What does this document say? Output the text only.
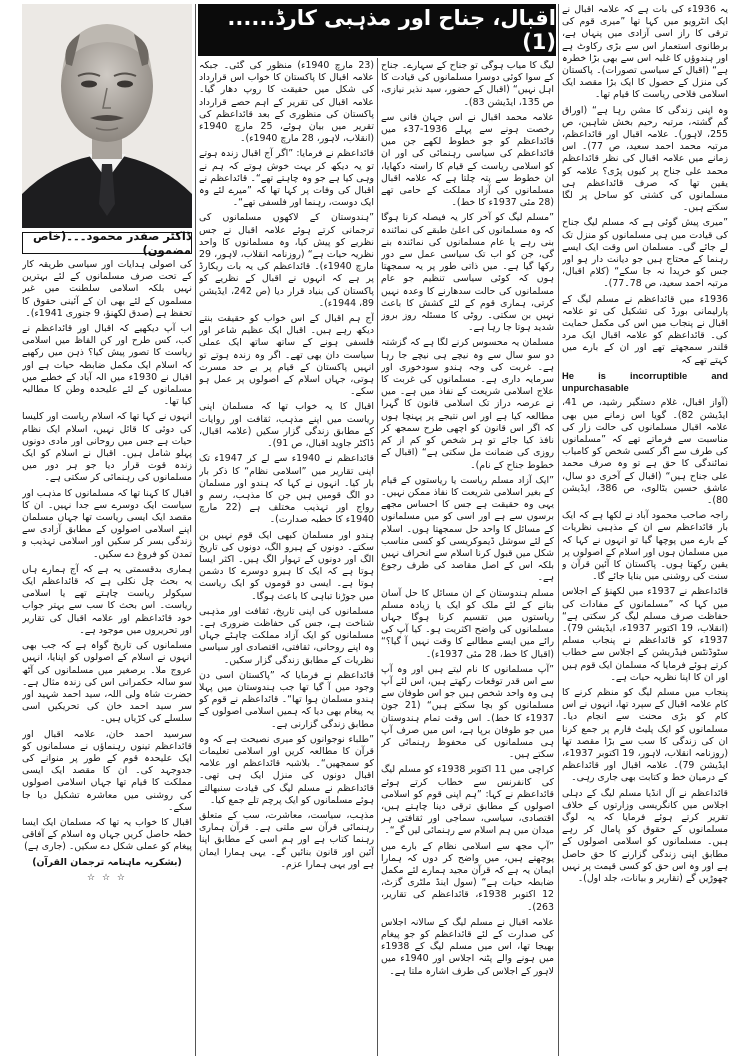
اقبال، جناح اور مذہبی کارڈ......(1)
ڈاکٹر صفدر محمود۔۔۔(خاص مضمون)

یہ 1936ء کی بات ہے کہ علامہ اقبال نے ایک انٹرویو میں کہا تھا ”میری قوم کی ترقی کا راز اسی آزادی میں پنہاں ہے، برطانوی استعمار اس سے بڑی رکاوٹ ہے اور ہندوؤں کا غلبہ اس سے بھی بڑا خطرہ ہے“ (اقبال کے سیاسی تصورات)۔ پاکستان کی منزل کے حصول کا ایک بڑا مقصد ایک اسلامی فلاحی ریاست کا قیام تھا۔

وہ اپنی زندگی کا مشن رہا ہے“ (اوراق گم گشتہ، مرتبہ رحیم بخش شاہین، ص 255، لاہور)۔ علامہ اقبال اور قائداعظم، مرتبہ محمد احمد سعید، ص 77)۔ اس زمانے میں علامہ اقبال کی نظر قائداعظم محمد علی جناح پر کیوں پڑی؟ علامہ کو یقین تھا کہ صرف قائداعظم ہی مسلمانوں کی کشتی کو ساحل پر لگا سکتے ہیں۔

”میری پیش گوئی ہے کہ مسلم لیگ جناح کی قیادت میں ہی مسلمانوں کو منزل تک لے جائے گی۔ مسلمان اس وقت ایک ایسے رہنما کے محتاج ہیں جو دیانت دار ہو اور جس کو خریدا نہ جا سکے“ (کلام اقبال، مرتبہ احمد سعید، ص 78۔77)۔

1936ء میں قائداعظم نے مسلم لیگ کے پارلیمانی بورڈ کی تشکیل کی تو علامہ اقبال نے پنجاب میں اس کی مکمل حمایت کی۔ قائداعظم کو علامہ اقبال ایک مرد قلندر سمجھتے تھے اور ان کے بارے میں کہتے تھے کہ

He is incorruptible and unpurchasable

(آواز اقبال، غلام دستگیر رشید، ص 41، ایڈیشن 82)۔ گویا اس زمانے میں بھی علامہ اقبال مسلمانوں کی حالت زار کی مناسبت سے فرماتے تھے کہ ”مسلمانوں کی طرف سے اگر کسی شخص کو کامیاب نمائندگی کا حق ہے تو وہ صرف محمد علی جناح ہیں“ (اقبال کے آخری دو سال، عاشق حسین بٹالوی، ص 386، ایڈیشن 80)۔

راجہ صاحب محمود آباد نے لکھا ہے کہ ایک بار قائداعظم سے ان کے مذہبی نظریات کے بارے میں پوچھا گیا تو انہوں نے کہا کہ میں مسلمان ہوں اور اسلام کے اصولوں پر یقین رکھتا ہوں۔ پاکستان کا آئین قرآن و سنت کی روشنی میں بنایا جائے گا۔

قائداعظم نے 1937ء میں لکھنؤ کے اجلاس میں کہا کہ ”مسلمانوں کے مفادات کی حفاظت صرف مسلم لیگ کر سکتی ہے“ (انقلاب، 19 اکتوبر 1937ء، ایڈیشن 79)۔ 1937ء کو قائداعظم نے پنجاب مسلم سٹوڈنٹس فیڈریشن کے اجلاس سے خطاب کرتے ہوئے فرمایا کہ مسلمان ایک قوم ہیں اور ان کا اپنا نظریہ حیات ہے۔

پنجاب میں مسلم لیگ کو منظم کرنے کا کام علامہ اقبال کے سپرد تھا، انہوں نے اس کام کو بڑی محنت سے انجام دیا۔ مسلمانوں کو ایک پلیٹ فارم پر جمع کرنا ان کی زندگی کا سب سے بڑا مقصد تھا (روزنامہ انقلاب، لاہور، 19 اکتوبر 1937ء، ایڈیشن 79)۔ علامہ اقبال اور قائداعظم کے درمیان خط و کتابت بھی جاری رہی۔

قائداعظم نے آل انڈیا مسلم لیگ کے دہلی اجلاس میں کانگریسی وزارتوں کے خلاف تقریر کرتے ہوئے فرمایا کہ یہ لوگ مسلمانوں کے حقوق کو پامال کر رہے ہیں۔ مسلمانوں کو اسلامی اصولوں کے مطابق اپنی زندگی گزارنے کا حق حاصل ہے اور وہ اس حق کو کسی قیمت پر نہیں چھوڑیں گے (تقاریر و بیانات، جلد اول)۔

لیگ کا میاب ہوگی تو جناح کے سہارے۔ جناح کے سوا کوئی دوسرا مسلمانوں کی قیادت کا اہل نہیں“ (اقبال کے حضور، سید نذیر نیازی، ص 135، ایڈیشن 83)۔

علامہ محمد اقبال نے اس جہان فانی سے رخصت ہونے سے پہلے 1936-37ء میں قائداعظم کو جو خطوط لکھے جن میں قائداعظم کی سیاسی رہنمائی کی اور ان کو اسلامی ریاست کے قیام کا راستہ دکھایا، ان خطوط سے پتہ چلتا ہے کہ علامہ اقبال مسلمانوں کی آزاد مملکت کے حامی تھے (28 مئی 1937ء کا خط)۔

”مسلم لیگ کو آخر کار یہ فیصلہ کرنا ہوگا کہ وہ مسلمانوں کی اعلیٰ طبقے کی نمائندہ بنی رہے یا عام مسلمانوں کی نمائندہ بنے گی، جن کو اب تک سیاسی عمل سے دور رکھا گیا ہے۔ میں ذاتی طور پر یہ سمجھتا ہوں کہ کوئی سیاسی تنظیم جو عام مسلمانوں کی حالت سدھارنے کا وعدہ نہیں کرتی، ہماری قوم کے لئے کشش کا باعث نہیں بن سکتی۔ روٹی کا مسئلہ روز بروز شدید ہوتا جا رہا ہے۔

مسلمان یہ محسوس کرنے لگا ہے کہ گزشتہ دو سو سال سے وہ نیچے ہی نیچے جا رہا ہے۔ غربت کی وجہ ہندو سودخوری اور سرمایہ داری ہے۔ مسلمانوں کی غربت کا علاج اسلامی شریعت کے نفاذ میں ہے۔ میں نے عرصہ دراز تک اسلامی قانون کا گہرا مطالعہ کیا ہے اور اس نتیجے پر پہنچا ہوں کہ اگر اس قانون کو اچھی طرح سمجھ کر نافذ کیا جائے تو ہر شخص کو کم از کم روزی کی ضمانت مل سکتی ہے“ (اقبال کے خطوط جناح کے نام)۔

”ایک آزاد مسلم ریاست یا ریاستوں کے قیام کے بغیر اسلامی شریعت کا نفاذ ممکن نہیں۔ یہی وہ حقیقت ہے جس کا احساس مجھے برسوں سے ہے اور اسی کو میں مسلمانوں کے مسائل کا واحد حل سمجھتا ہوں۔ اسلام کے لئے سوشل ڈیموکریسی کو کسی مناسب شکل میں قبول کرنا اسلام سے انحراف نہیں بلکہ اس کے اصل مقاصد کی طرف رجوع ہے۔

مسلم ہندوستان کے ان مسائل کا حل آسان بنانے کے لئے ملک کو ایک یا زیادہ مسلم ریاستوں میں تقسیم کرنا ہوگا جہاں مسلمانوں کی واضح اکثریت ہو۔ کیا آپ کی رائے میں ایسے مطالبے کا وقت نہیں آ گیا؟“ (اقبال کا خط، 28 مئی 1937ء)۔

”آپ مسلمانوں کا نام لیتے ہیں اور وہ آپ سے اس قدر توقعات رکھتے ہیں، اس لئے آپ ہی وہ واحد شخص ہیں جو اس طوفان سے مسلمانوں کو بچا سکتے ہیں“ (21 جون 1937ء کا خط)۔ اس وقت تمام ہندوستان میں جو طوفان برپا ہے، اس میں صرف آپ ہی مسلمانوں کی محفوظ رہنمائی کر سکتے ہیں۔

کراچی میں 11 اکتوبر 1938ء کو مسلم لیگ کی کانفرنس سے خطاب کرتے ہوئے قائداعظم نے کہا: ”ہم اپنی قوم کو اسلامی اصولوں کے مطابق ترقی دینا چاہتے ہیں، اقتصادی، سیاسی، سماجی اور ثقافتی ہر میدان میں ہم اسلام سے رہنمائی لیں گے“۔

”آپ مجھ سے اسلامی نظام کے بارے میں پوچھتے ہیں، میں واضح کر دوں کہ ہمارا ایمان یہ ہے کہ قرآن مجید ہمارے لئے مکمل ضابطہ حیات ہے“ (سول اینڈ ملٹری گزٹ، 12 اکتوبر 1938ء، قائداعظم کی تقاریر، 263)۔

علامہ اقبال نے مسلم لیگ کے سالانہ اجلاس کی صدارت کے لئے قائداعظم کو جو پیغام بھیجا تھا، اس میں مسلم لیگ کے 1938ء میں ہونے والے پٹنہ اجلاس اور 1940ء میں لاہور کے اجلاس کی طرف اشارہ ملتا ہے۔

(23 مارچ 1940ء) منظور کی گئی۔ جبکہ علامہ اقبال کا پاکستان کا خواب اس قرارداد کی شکل میں حقیقت کا روپ دھار گیا۔ علامہ اقبال کی تقریر کے اہم حصے قرارداد پاکستان کی منظوری کے بعد قائداعظم کی تقریر میں بیان ہوئے، 25 مارچ 1940ء (انقلاب، لاہور، 28 مارچ 1940ء)۔

قائداعظم نے فرمایا: ”اگر آج اقبال زندہ ہوتے تو یہ دیکھ کر بہت خوش ہوتے کہ ہم نے وہی کیا ہے جو وہ چاہتے تھے“۔ قائداعظم نے اقبال کی وفات پر کہا تھا کہ ”میرے لئے وہ ایک دوست، رہنما اور فلسفی تھے“۔

”ہندوستان کے لاکھوں مسلمانوں کی ترجمانی کرتے ہوئے علامہ اقبال نے جس نظریے کو پیش کیا، وہ مسلمانوں کا واحد نظریہ حیات ہے“ (روزنامہ انقلاب، لاہور، 29 مارچ 1940ء)۔ قائداعظم کی یہ بات ریکارڈ پر ہے کہ انہوں نے اقبال کے نظریے کو پاکستان کی بنیاد قرار دیا (ص 242، ایڈیشن 89، 1944ء)۔

آج ہم اقبال کے اس خواب کو حقیقت بنتے دیکھ رہے ہیں۔ اقبال ایک عظیم شاعر اور فلسفی ہونے کے ساتھ ساتھ ایک عملی سیاست دان بھی تھے۔ اگر وہ زندہ ہوتے تو انہیں پاکستان کے قیام پر بے حد مسرت ہوتی، جہاں اسلام کے اصولوں پر عمل ہو سکے۔

اقبال کا یہ خواب تھا کہ مسلمان اپنی ریاست میں اپنے مذہب، ثقافت اور روایات کے مطابق زندگی گزار سکیں (علامہ اقبال، ڈاکٹر جاوید اقبال، ص 91)۔

قائداعظم نے 1940ء سے لے کر 1947ء تک اپنی تقاریر میں ”اسلامی نظام“ کا ذکر بار بار کیا۔ انہوں نے کہا کہ ہندو اور مسلمان دو الگ قومیں ہیں جن کا مذہب، رسم و رواج اور تہذیب مختلف ہے (22 مارچ 1940ء کا خطبہ صدارت)۔

ہندو اور مسلمان کبھی ایک قوم نہیں بن سکتے۔ دونوں کے ہیرو الگ، دونوں کی تاریخ الگ اور دونوں کے تہوار الگ ہیں۔ اکثر ایسا ہوتا ہے کہ ایک کا ہیرو دوسرے کا دشمن ہوتا ہے۔ ایسی دو قوموں کو ایک ریاست میں جوڑنا تباہی کا باعث ہوگا۔

مسلمانوں کی اپنی تاریخ، ثقافت اور مذہبی شناخت ہے، جس کی حفاظت ضروری ہے۔ مسلمانوں کو ایک آزاد مملکت چاہئے جہاں وہ اپنے روحانی، ثقافتی، اقتصادی اور سیاسی نظریات کے مطابق زندگی گزار سکیں۔

قائداعظم نے فرمایا کہ ”پاکستان اسی دن وجود میں آ گیا تھا جب ہندوستان میں پہلا ہندو مسلمان ہوا تھا“۔ قائداعظم نے قوم کو یہ پیغام بھی دیا کہ ہمیں اسلامی اصولوں کے مطابق زندگی گزارنی ہے۔

”طلباء نوجوانوں کو میری نصیحت ہے کہ وہ قرآن کا مطالعہ کریں اور اسلامی تعلیمات کو سمجھیں“۔ بلاشبہ قائداعظم اور علامہ اقبال دونوں کی منزل ایک ہی تھی۔ قائداعظم نے مسلم لیگ کی قیادت سنبھالتے ہوئے مسلمانوں کو ایک پرچم تلے جمع کیا۔

مذہب، سیاست، معاشرت، سب کے متعلق رہنمائی قرآن سے ملتی ہے۔ قرآن ہماری رہنما کتاب ہے اور ہم اسی کے مطابق اپنا آئین اور قانون بنائیں گے۔ یہی ہمارا ایمان ہے اور یہی ہمارا عزم۔

کی اصولی ہدایات اور سیاسی طریقہ کار کے تحت صرف مسلمانوں کے لئے بہترین نہیں بلکہ اسلامی سلطنت میں غیر مسلموں کے لئے بھی ان کے آئینی حقوق کا تحفظ ہے (صدق لکھنؤ، 9 جنوری 1941ء)۔

اب آپ دیکھیے کہ اقبال اور قائداعظم نے کب، کس طرح اور کن الفاظ میں اسلامی ریاست کا تصور پیش کیا؟ ذہن میں رکھیے کہ اسلام ایک مکمل ضابطہ حیات ہے اور اقبال نے 1930ء میں الہ آباد کے خطبے میں مسلمانوں کے لئے علیحدہ وطن کا مطالبہ کیا تھا۔

انہوں نے کہا تھا کہ اسلام ریاست اور کلیسا کی دوئی کا قائل نہیں، اسلام ایک نظام حیات ہے جس میں روحانی اور مادی دونوں پہلو شامل ہیں۔ اقبال نے اسلام کو ایک زندہ قوت قرار دیا جو ہر دور میں مسلمانوں کی رہنمائی کر سکتی ہے۔

اقبال کا کہنا تھا کہ مسلمانوں کا مذہب اور سیاست ایک دوسرے سے جدا نہیں۔ ان کا مقصد ایک ایسی ریاست تھا جہاں مسلمان اپنے اسلامی اصولوں کے مطابق آزادی سے زندگی بسر کر سکیں اور اسلامی تہذیب و تمدن کو فروغ دے سکیں۔

ہماری بدقسمتی یہ ہے کہ آج ہمارے ہاں یہ بحث چل نکلی ہے کہ قائداعظم ایک سیکولر ریاست چاہتے تھے یا اسلامی ریاست۔ اس بحث کا سب سے بہتر جواب خود قائداعظم اور علامہ اقبال کی تقاریر اور تحریروں میں موجود ہے۔

مسلمانوں کی تاریخ گواہ ہے کہ جب بھی انہوں نے اسلام کے اصولوں کو اپنایا، انہیں عروج ملا۔ برصغیر میں مسلمانوں کی آٹھ سو سالہ حکمرانی اس کی زندہ مثال ہے۔ حضرت شاہ ولی اللہ، سید احمد شہید اور سر سید احمد خان کی تحریکیں اسی سلسلے کی کڑیاں ہیں۔

سرسید احمد خان، علامہ اقبال اور قائداعظم تینوں رہنماؤں نے مسلمانوں کو ایک علیحدہ قوم کے طور پر منوانے کی جدوجہد کی۔ ان کا مقصد ایک ایسی مملکت کا قیام تھا جہاں اسلامی اصولوں کی روشنی میں معاشرہ تشکیل دیا جا سکے۔

اقبال کا خواب یہ تھا کہ مسلمان ایک ایسا خطہ حاصل کریں جہاں وہ اسلام کے آفاقی پیغام کو عملی شکل دے سکیں۔ (جاری ہے)

(بشکریہ ماہنامہ ترجمان القرآن)

☆ ☆ ☆
